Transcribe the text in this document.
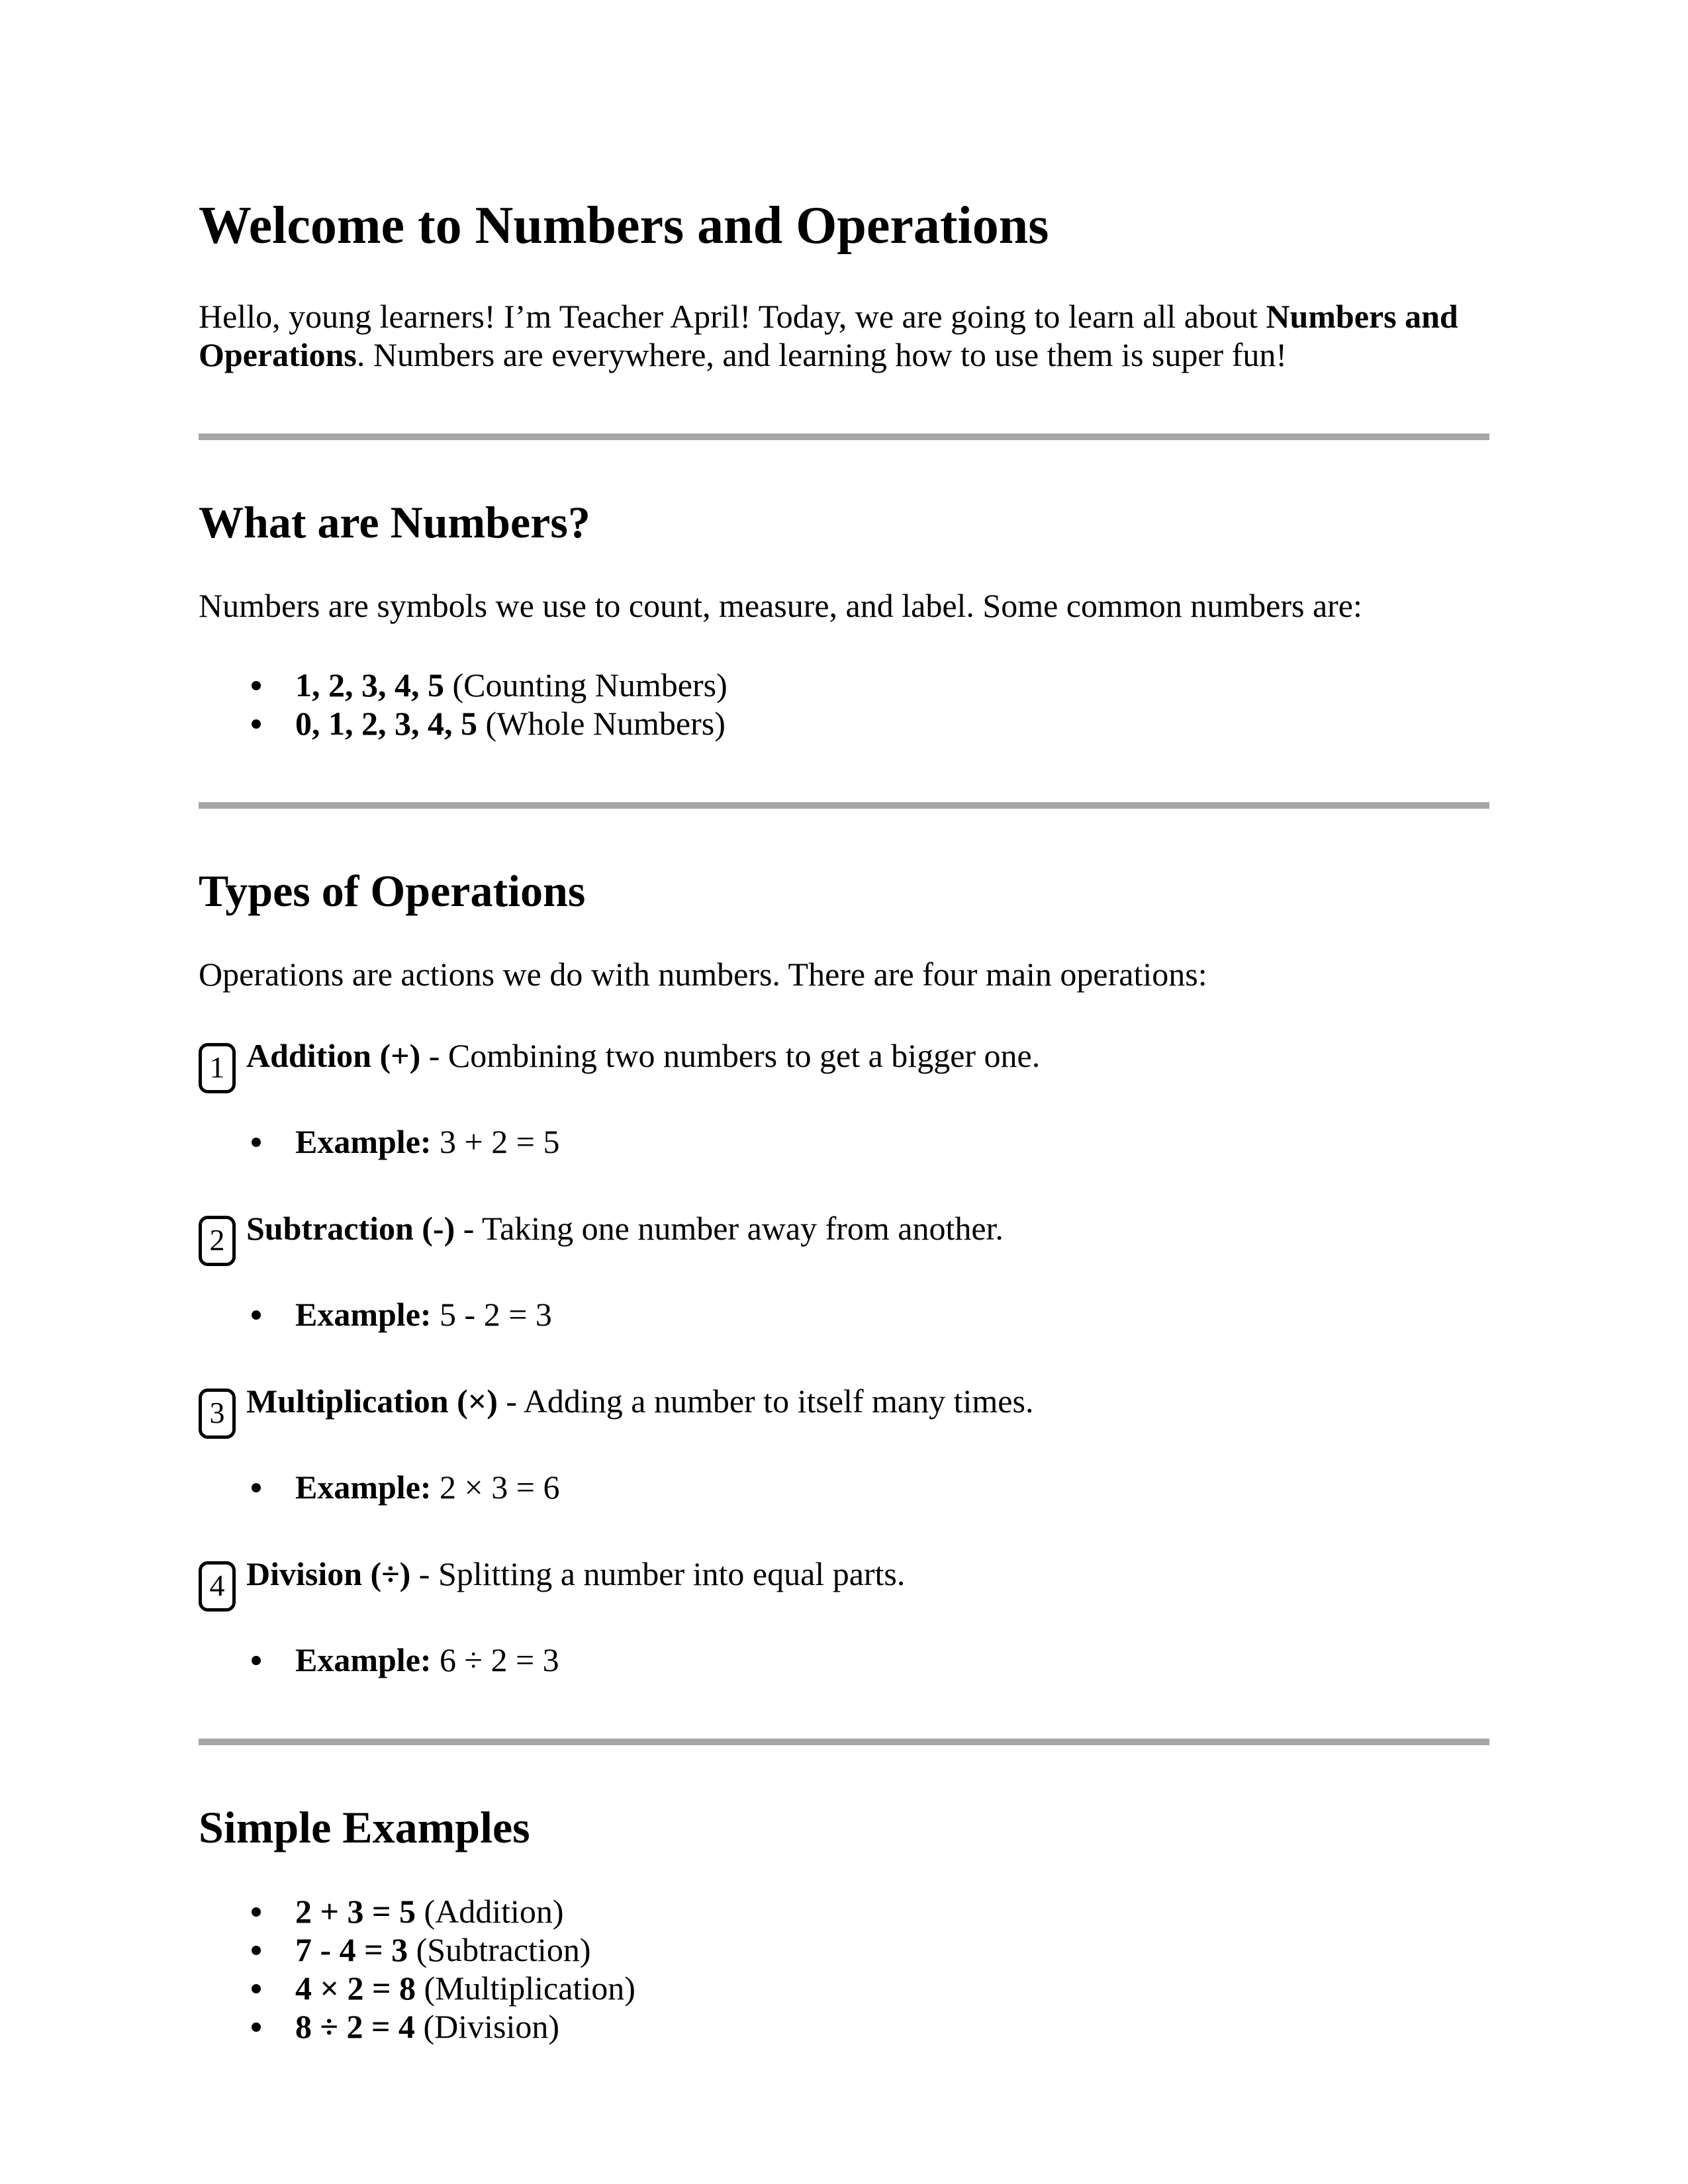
Welcome to Numbers and Operations

Hello, young learners! I’m Teacher April! Today, we are going to learn all about Numbers and Operations. Numbers are everywhere, and learning how to use them is super fun!

What are Numbers?

Numbers are symbols we use to count, measure, and label. Some common numbers are:

1, 2, 3, 4, 5 (Counting Numbers)
0, 1, 2, 3, 4, 5 (Whole Numbers)
Types of Operations

Operations are actions we do with numbers. There are four main operations:

1 Addition (+) - Combining two numbers to get a bigger one.

Example: 3 + 2 = 5

2 Subtraction (-) - Taking one number away from another.

Example: 5 - 2 = 3

3 Multiplication (×) - Adding a number to itself many times.

Example: 2 × 3 = 6

4 Division (÷) - Splitting a number into equal parts.

Example: 6 ÷ 2 = 3
Simple Examples
2 + 3 = 5 (Addition)
7 - 4 = 3 (Subtraction)
4 × 2 = 8 (Multiplication)
8 ÷ 2 = 4 (Division)
